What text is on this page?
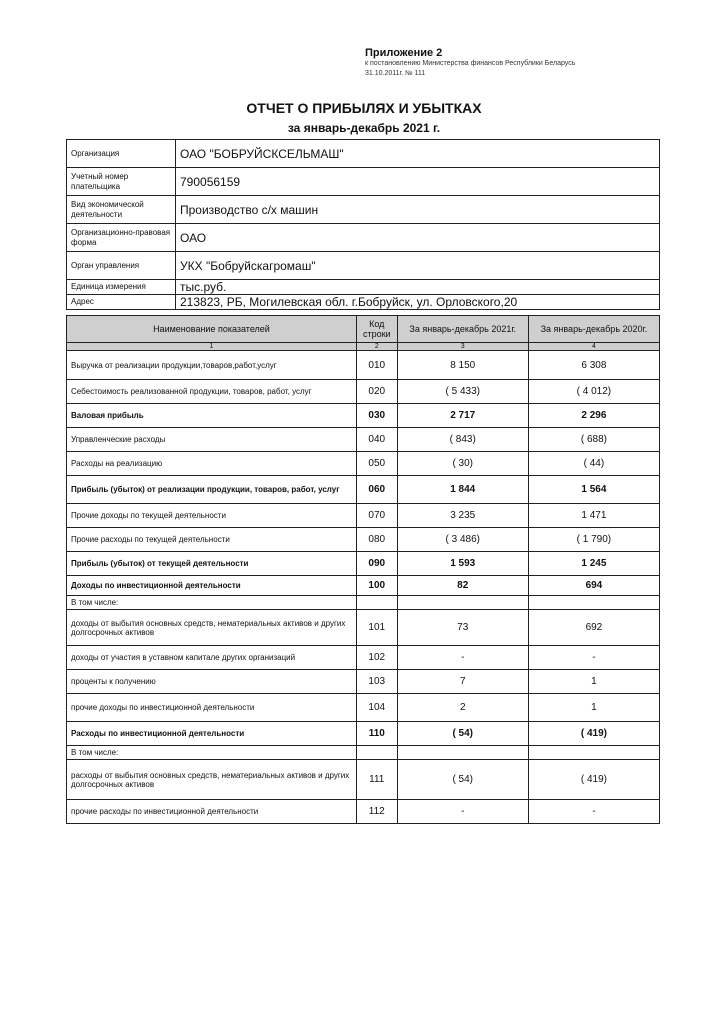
Приложение 2
к постановлению Министерства финансов Республики Беларусь
31.10.2011г. № 111
ОТЧЕТ О ПРИБЫЛЯХ И УБЫТКАХ
за январь-декабрь 2021 г.
Организация	ОАО "БОБРУЙСКСЕЛЬМАШ"
Учетный номер плательщика	790056159
Вид экономической деятельности	Производство с/х машин
Организационно-правовая форма	ОАО
Орган управления	УКХ "Бобруйскагромаш"
Единица измерения	тыс.руб.
Адрес	213823, РБ, Могилевская обл. г.Бобруйск, ул. Орловского,20
Наименование показателей	Код строки	За январь-декабрь 2021г.	За январь-декабрь 2020г.
1	2	3	4
Выручка от реализации продукции,товаров,работ,услуг	010	8 150	6 308
Себестоимость реализованной продукции, товаров, работ, услуг	020	( 5 433)	( 4 012)
Валовая прибыль	030	2 717	2 296
Управленческие расходы	040	( 843)	( 688)
Расходы на реализацию	050	( 30)	( 44)
Прибыль (убыток) от реализации продукции, товаров, работ, услуг	060	1 844	1 564
Прочие доходы по текущей деятельности	070	3 235	1 471
Прочие расходы по текущей деятельности	080	( 3 486)	( 1 790)
Прибыль (убыток) от текущей деятельности	090	1 593	1 245
Доходы по инвестиционной деятельности	100	82	694
В том числе:			
доходы от выбытия основных средств, нематериальных активов и других долгосрочных активов	101	73	692
доходы от участия в уставном капитале других организаций	102	-	-
проценты к получению	103	7	1
прочие доходы по инвестиционной деятельности	104	2	1
Расходы по инвестиционной деятельности	110	( 54)	( 419)
В том числе:			
расходы от выбытия основных средств, нематериальных активов и других долгосрочных активов	111	( 54)	( 419)
прочие расходы по инвестиционной деятельности	112	-	-
